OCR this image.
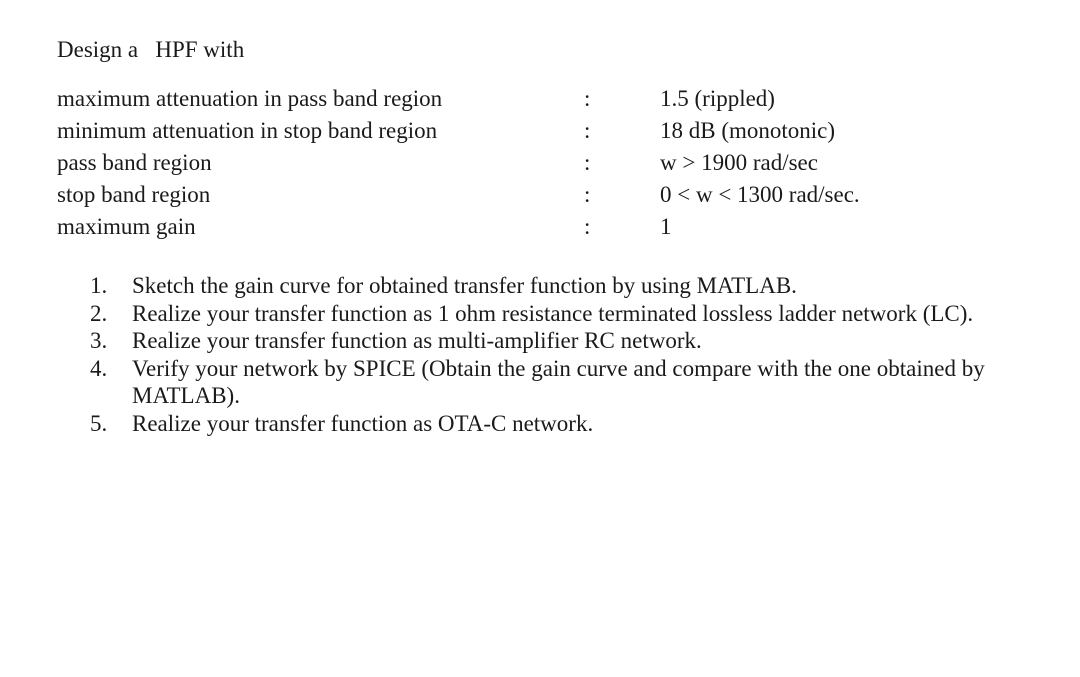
Design a   HPF with
maximum attenuation in pass band region	:	1.5 (rippled)
minimum attenuation in stop band region	:	18 dB (monotonic)
pass band region	:	w > 1900 rad/sec
stop band region	:	0 < w < 1300 rad/sec.
maximum gain	:	1
1. Sketch the gain curve for obtained transfer function by using MATLAB.
2. Realize your transfer function as 1 ohm resistance terminated lossless ladder network (LC).
3. Realize your transfer function as multi-amplifier RC network.
4. Verify your network by SPICE (Obtain the gain curve and compare with the one obtained by MATLAB).
5. Realize your transfer function as OTA-C network.
